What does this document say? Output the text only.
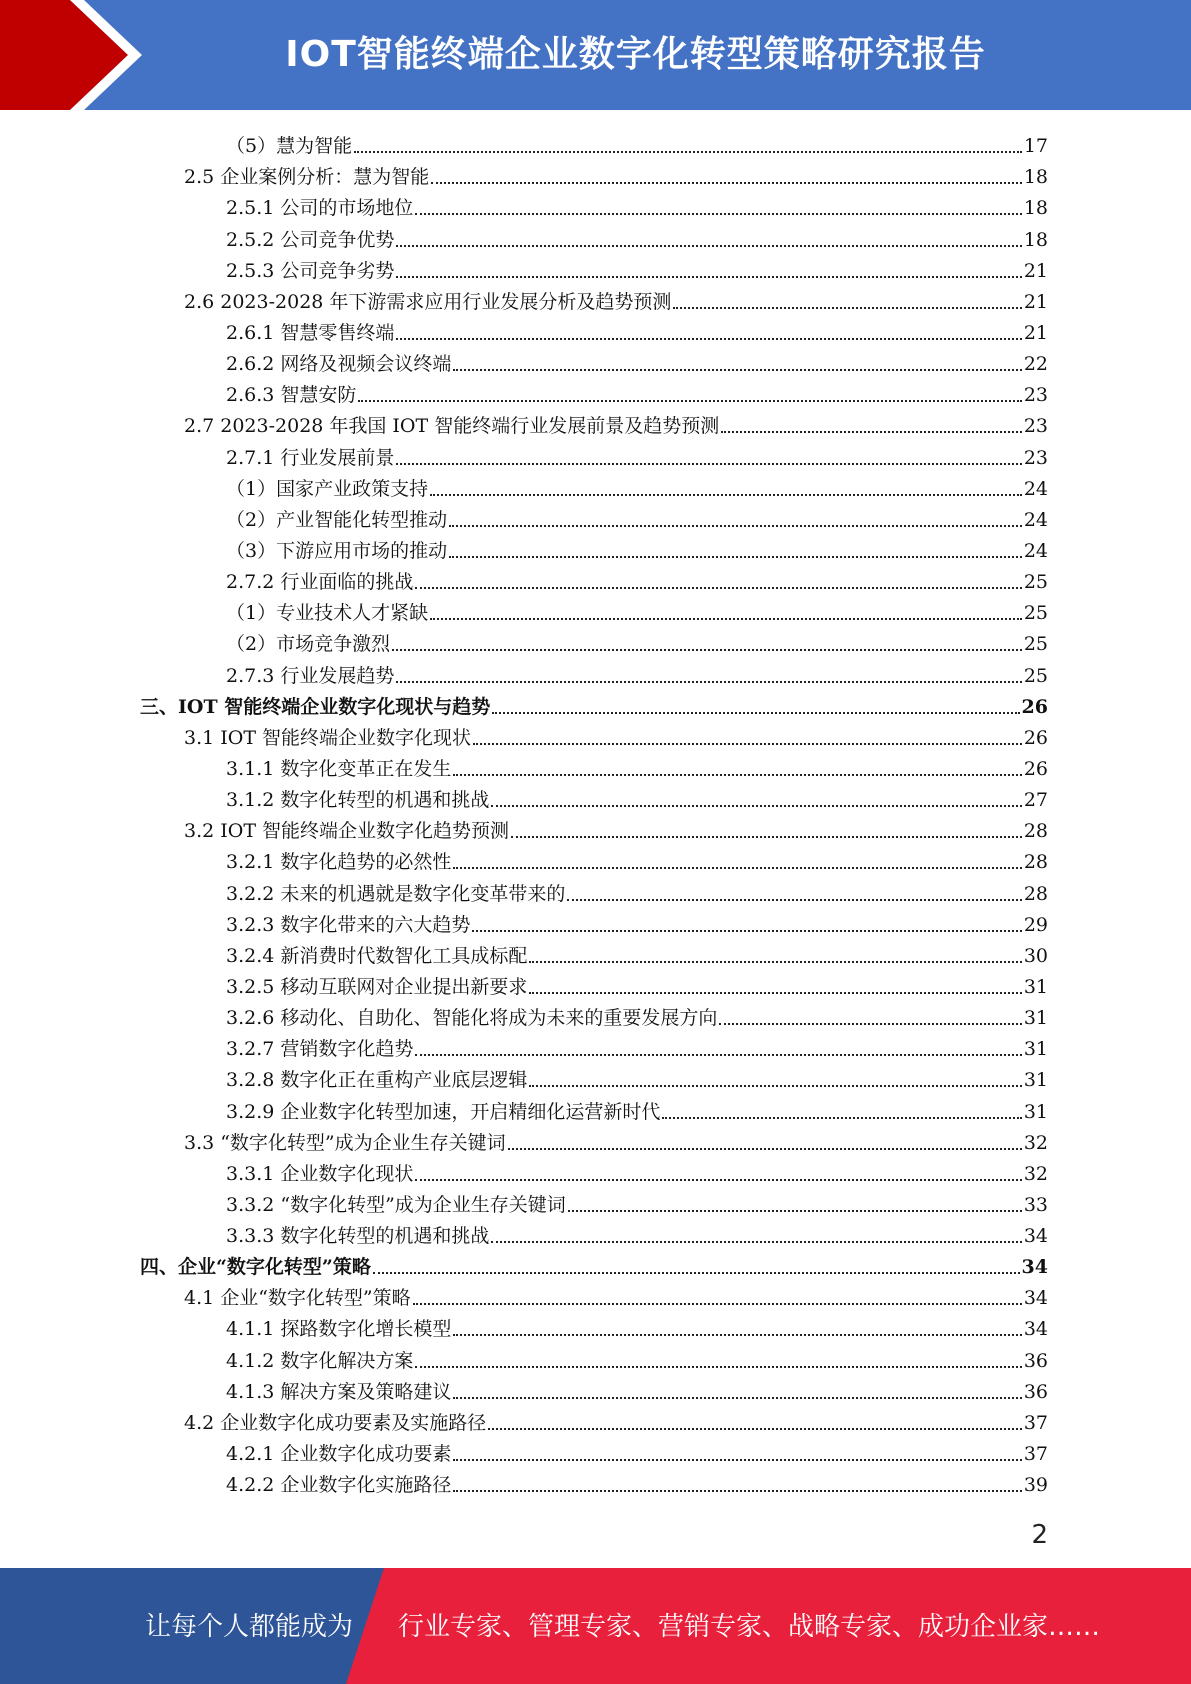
IOT智能终端企业数字化转型策略研究报告
（5）慧为智能	17
2.5 企业案例分析：慧为智能	18
2.5.1 公司的市场地位	18
2.5.2 公司竞争优势	18
2.5.3 公司竞争劣势	21
2.6 2023-2028 年下游需求应用行业发展分析及趋势预测	21
2.6.1 智慧零售终端	21
2.6.2 网络及视频会议终端	22
2.6.3 智慧安防	23
2.7 2023-2028 年我国 IOT 智能终端行业发展前景及趋势预测	23
2.7.1 行业发展前景	23
（1）国家产业政策支持	24
（2）产业智能化转型推动	24
（3）下游应用市场的推动	24
2.7.2 行业面临的挑战	25
（1）专业技术人才紧缺	25
（2）市场竞争激烈	25
2.7.3 行业发展趋势	25
三、IOT 智能终端企业数字化现状与趋势	26
3.1 IOT 智能终端企业数字化现状	26
3.1.1 数字化变革正在发生	26
3.1.2 数字化转型的机遇和挑战	27
3.2 IOT 智能终端企业数字化趋势预测	28
3.2.1 数字化趋势的必然性	28
3.2.2 未来的机遇就是数字化变革带来的	28
3.2.3 数字化带来的六大趋势	29
3.2.4 新消费时代数智化工具成标配	30
3.2.5 移动互联网对企业提出新要求	31
3.2.6 移动化、自助化、智能化将成为未来的重要发展方向	31
3.2.7 营销数字化趋势	31
3.2.8 数字化正在重构产业底层逻辑	31
3.2.9 企业数字化转型加速，开启精细化运营新时代	31
3.3 “数字化转型”成为企业生存关键词	32
3.3.1 企业数字化现状	32
3.3.2 “数字化转型”成为企业生存关键词	33
3.3.3 数字化转型的机遇和挑战	34
四、企业“数字化转型”策略	34
4.1 企业“数字化转型”策略	34
4.1.1 探路数字化增长模型	34
4.1.2 数字化解决方案	36
4.1.3 解决方案及策略建议	36
4.2 企业数字化成功要素及实施路径	37
4.2.1 企业数字化成功要素	37
4.2.2 企业数字化实施路径	39
2
让每个人都能成为 行业专家、管理专家、营销专家、战略专家、成功企业家……
